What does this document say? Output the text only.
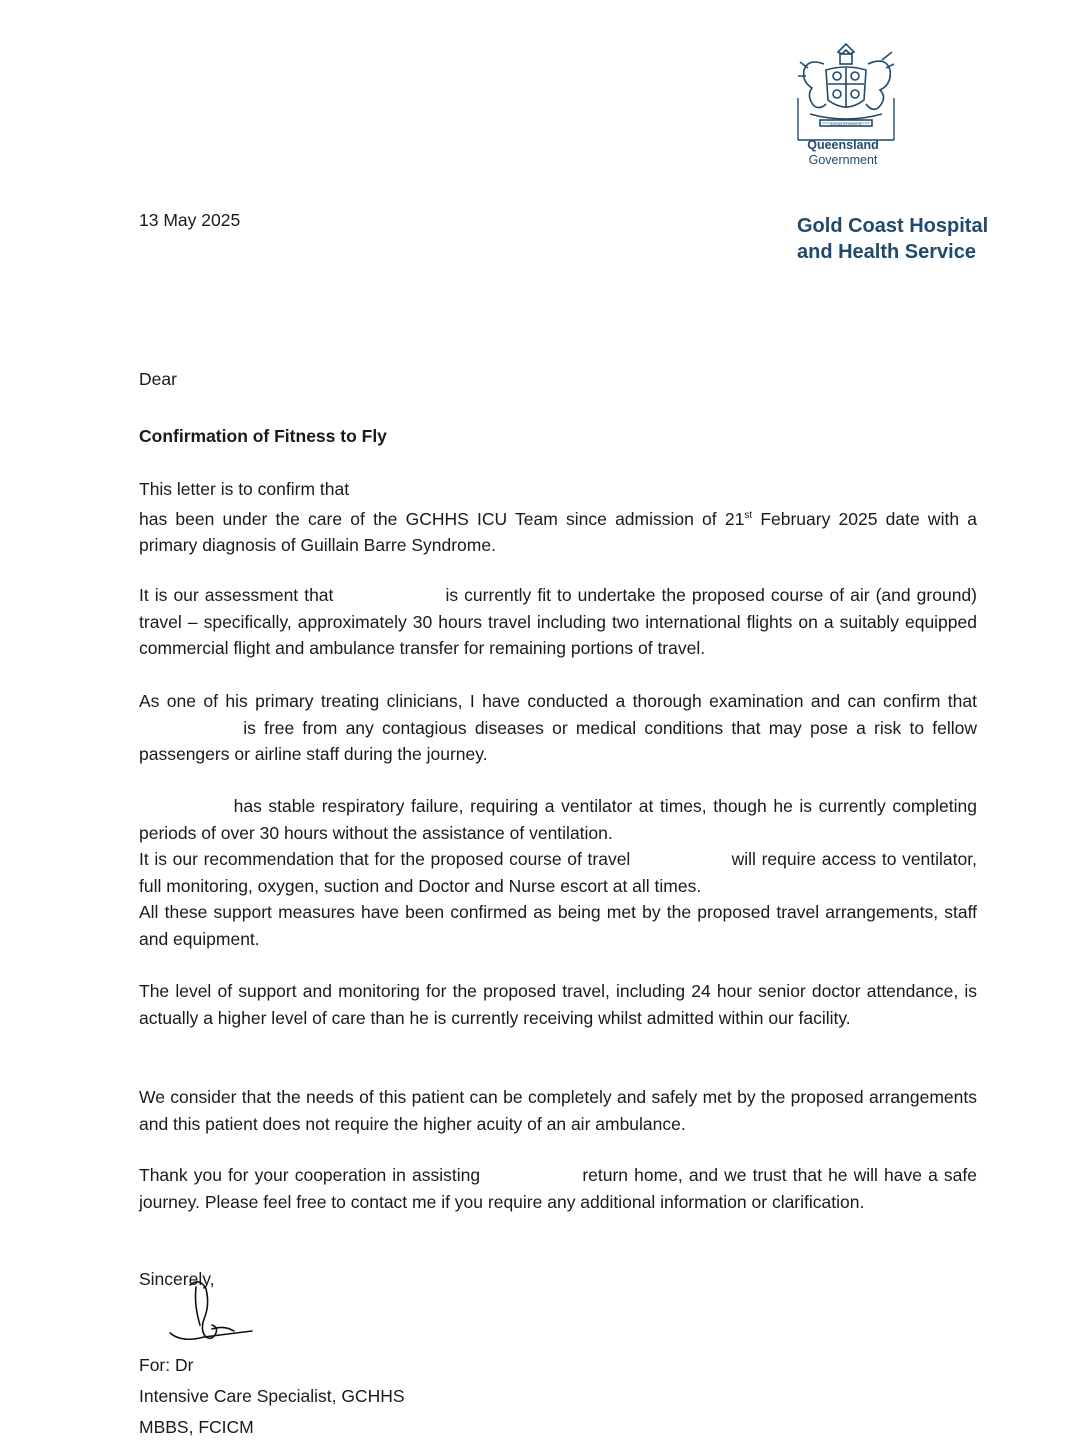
AUDAX AT FIDELIS
Queensland
Government
Gold Coast Hospital
and Health Service
13 May 2025
Dear
Confirmation of Fitness to Fly
This letter is to confirm that
has been under the care of the GCHHS ICU Team since admission of 21st February 2025 date with a primary diagnosis of Guillain Barre Syndrome.
It is our assessment that	is currently fit to undertake the proposed course of air (and ground) travel – specifically, approximately 30 hours travel including two international flights on a suitably equipped commercial flight and ambulance transfer for remaining portions of travel.
As one of his primary treating clinicians, I have conducted a thorough examination and can confirm that  is free from any contagious diseases or medical conditions that may pose a risk to fellow passengers or airline staff during the journey.
has stable respiratory failure, requiring a ventilator at times, though he is currently completing periods of over 30 hours without the assistance of ventilation.
It is our recommendation that for the proposed course of travel	will require access to ventilator, full monitoring, oxygen, suction and Doctor and Nurse escort at all times.
All these support measures have been confirmed as being met by the proposed travel arrangements, staff and equipment.
The level of support and monitoring for the proposed travel, including 24 hour senior doctor attendance, is actually a higher level of care than he is currently receiving whilst admitted within our facility.
We consider that the needs of this patient can be completely and safely met by the proposed arrangements and this patient does not require the higher acuity of an air ambulance.
Thank you for your cooperation in assisting	return home, and we trust that he will have a safe journey. Please feel free to contact me if you require any additional information or clarification.
Sincerely,
For: Dr
Intensive Care Specialist, GCHHS
MBBS, FCICM
